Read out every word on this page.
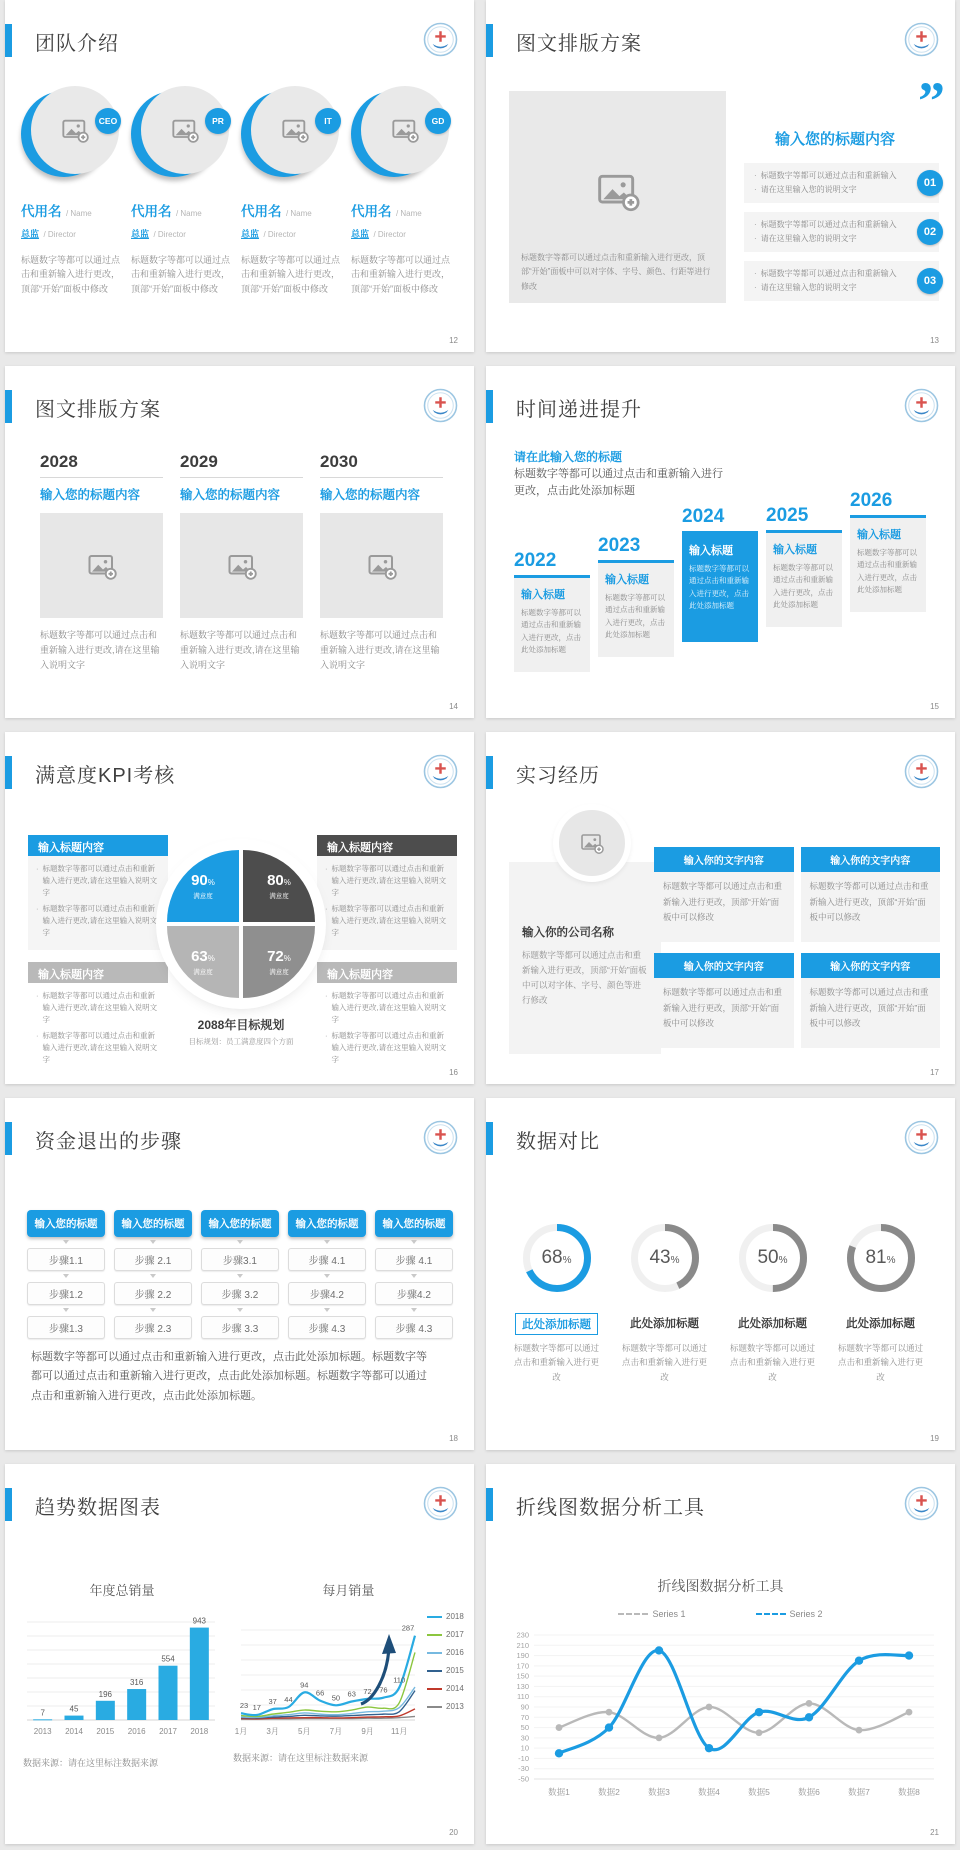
团队介绍
CEO
代用名 / Name
总监 / Director
标题数字等都可以通过点击和重新输入进行更改，顶部“开始”面板中修改
PR
代用名 / Name
总监 / Director
标题数字等都可以通过点击和重新输入进行更改，顶部“开始”面板中修改
IT
代用名 / Name
总监 / Director
标题数字等都可以通过点击和重新输入进行更改，顶部“开始”面板中修改
GD
代用名 / Name
总监 / Director
标题数字等都可以通过点击和重新输入进行更改，顶部“开始”面板中修改
12
图文排版方案
标题数字等都可以通过点击和重新输入进行更改，顶部“开始”面板中可以对字体、字号、颜色、行距等进行修改
”
输入您的标题内容
· 标题数字等都可以通过点击和重新输入
· 请在这里输入您的说明文字
01
· 标题数字等都可以通过点击和重新输入
· 请在这里输入您的说明文字
02
· 标题数字等都可以通过点击和重新输入
· 请在这里输入您的说明文字
03
13
图文排版方案
2028
输入您的标题内容
标题数字等都可以通过点击和重新输入进行更改,请在这里输入说明文字
2029
输入您的标题内容
标题数字等都可以通过点击和重新输入进行更改,请在这里输入说明文字
2030
输入您的标题内容
标题数字等都可以通过点击和重新输入进行更改,请在这里输入说明文字
14
时间递进提升
请在此输入您的标题
标题数字等都可以通过点击和重新输入进行更改，点击此处添加标题
2022
输入标题
标题数字等都可以通过点击和重新输入进行更改，点击此处添加标题
2023
输入标题
标题数字等都可以通过点击和重新输入进行更改，点击此处添加标题
2024
输入标题
标题数字等都可以通过点击和重新输入进行更改，点击此处添加标题
2025
输入标题
标题数字等都可以通过点击和重新输入进行更改，点击此处添加标题
2026
输入标题
标题数字等都可以通过点击和重新输入进行更改，点击此处添加标题
15
满意度KPI考核
输入标题内容
· 标题数字等都可以通过点击和重新输入进行更改,请在这里输入说明文字
· 标题数字等都可以通过点击和重新输入进行更改,请在这里输入说明文字
输入标题内容
· 标题数字等都可以通过点击和重新输入进行更改,请在这里输入说明文字
· 标题数字等都可以通过点击和重新输入进行更改,请在这里输入说明文字
输入标题内容
· 标题数字等都可以通过点击和重新输入进行更改,请在这里输入说明文字
· 标题数字等都可以通过点击和重新输入进行更改,请在这里输入说明文字
输入标题内容
· 标题数字等都可以通过点击和重新输入进行更改,请在这里输入说明文字
· 标题数字等都可以通过点击和重新输入进行更改,请在这里输入说明文字
90%
满意度
80%
满意度
63%
满意度
72%
满意度
2088年目标规划
目标规划：员工满意度四个方面
16
实习经历
输入你的公司名称
标题数字等都可以通过点击和重新输入进行更改，顶部“开始”面板中可以对字体、字号、颜色等进行修改
输入你的文字内容
标题数字等都可以通过点击和重新输入进行更改，顶部“开始”面板中可以修改
输入你的文字内容
标题数字等都可以通过点击和重新输入进行更改，顶部“开始”面板中可以修改
输入你的文字内容
标题数字等都可以通过点击和重新输入进行更改，顶部“开始”面板中可以修改
输入你的文字内容
标题数字等都可以通过点击和重新输入进行更改，顶部“开始”面板中可以修改
17
资金退出的步骤
输入您的标题
步骤1.1
步骤1.2
步骤1.3
输入您的标题
步骤 2.1
步骤 2.2
步骤 2.3
输入您的标题
步骤3.1
步骤 3.2
步骤 3.3
输入您的标题
步骤 4.1
步骤4.2
步骤 4.3
输入您的标题
步骤 4.1
步骤4.2
步骤 4.3
标题数字等都可以通过点击和重新输入进行更改，点击此处添加标题。标题数字等都可以通过点击和重新输入进行更改，点击此处添加标题。标题数字等都可以通过点击和重新输入进行更改，点击此处添加标题。
18
数据对比
68 %
此处添加标题
标题数字等都可以通过点击和重新输入进行更改
43 %
此处添加标题
标题数字等都可以通过点击和重新输入进行更改
50 %
此处添加标题
标题数字等都可以通过点击和重新输入进行更改
81 %
此处添加标题
标题数字等都可以通过点击和重新输入进行更改
19
趋势数据图表
年度总销量
7
2013
45
2014
196
2015
316
2016
554
2017
943
2018
数据来源：请在这里标注数据来源
每月销量
23 17
37 44
94
66
50 63 72 76
110
287
1月 3月 5月 7月 9月 11月
2018
2017
2016
2015
2014
2013
数据来源：请在这里标注数据来源
20
折线图数据分析工具
折线图数据分析工具
Series 1	Series 2
230
210
190
170
150
130
110
90
70
50
30
10
-10
-30
-50
数据1	数据2	数据3	数据4	数据5	数据6	数据7	数据8
21
